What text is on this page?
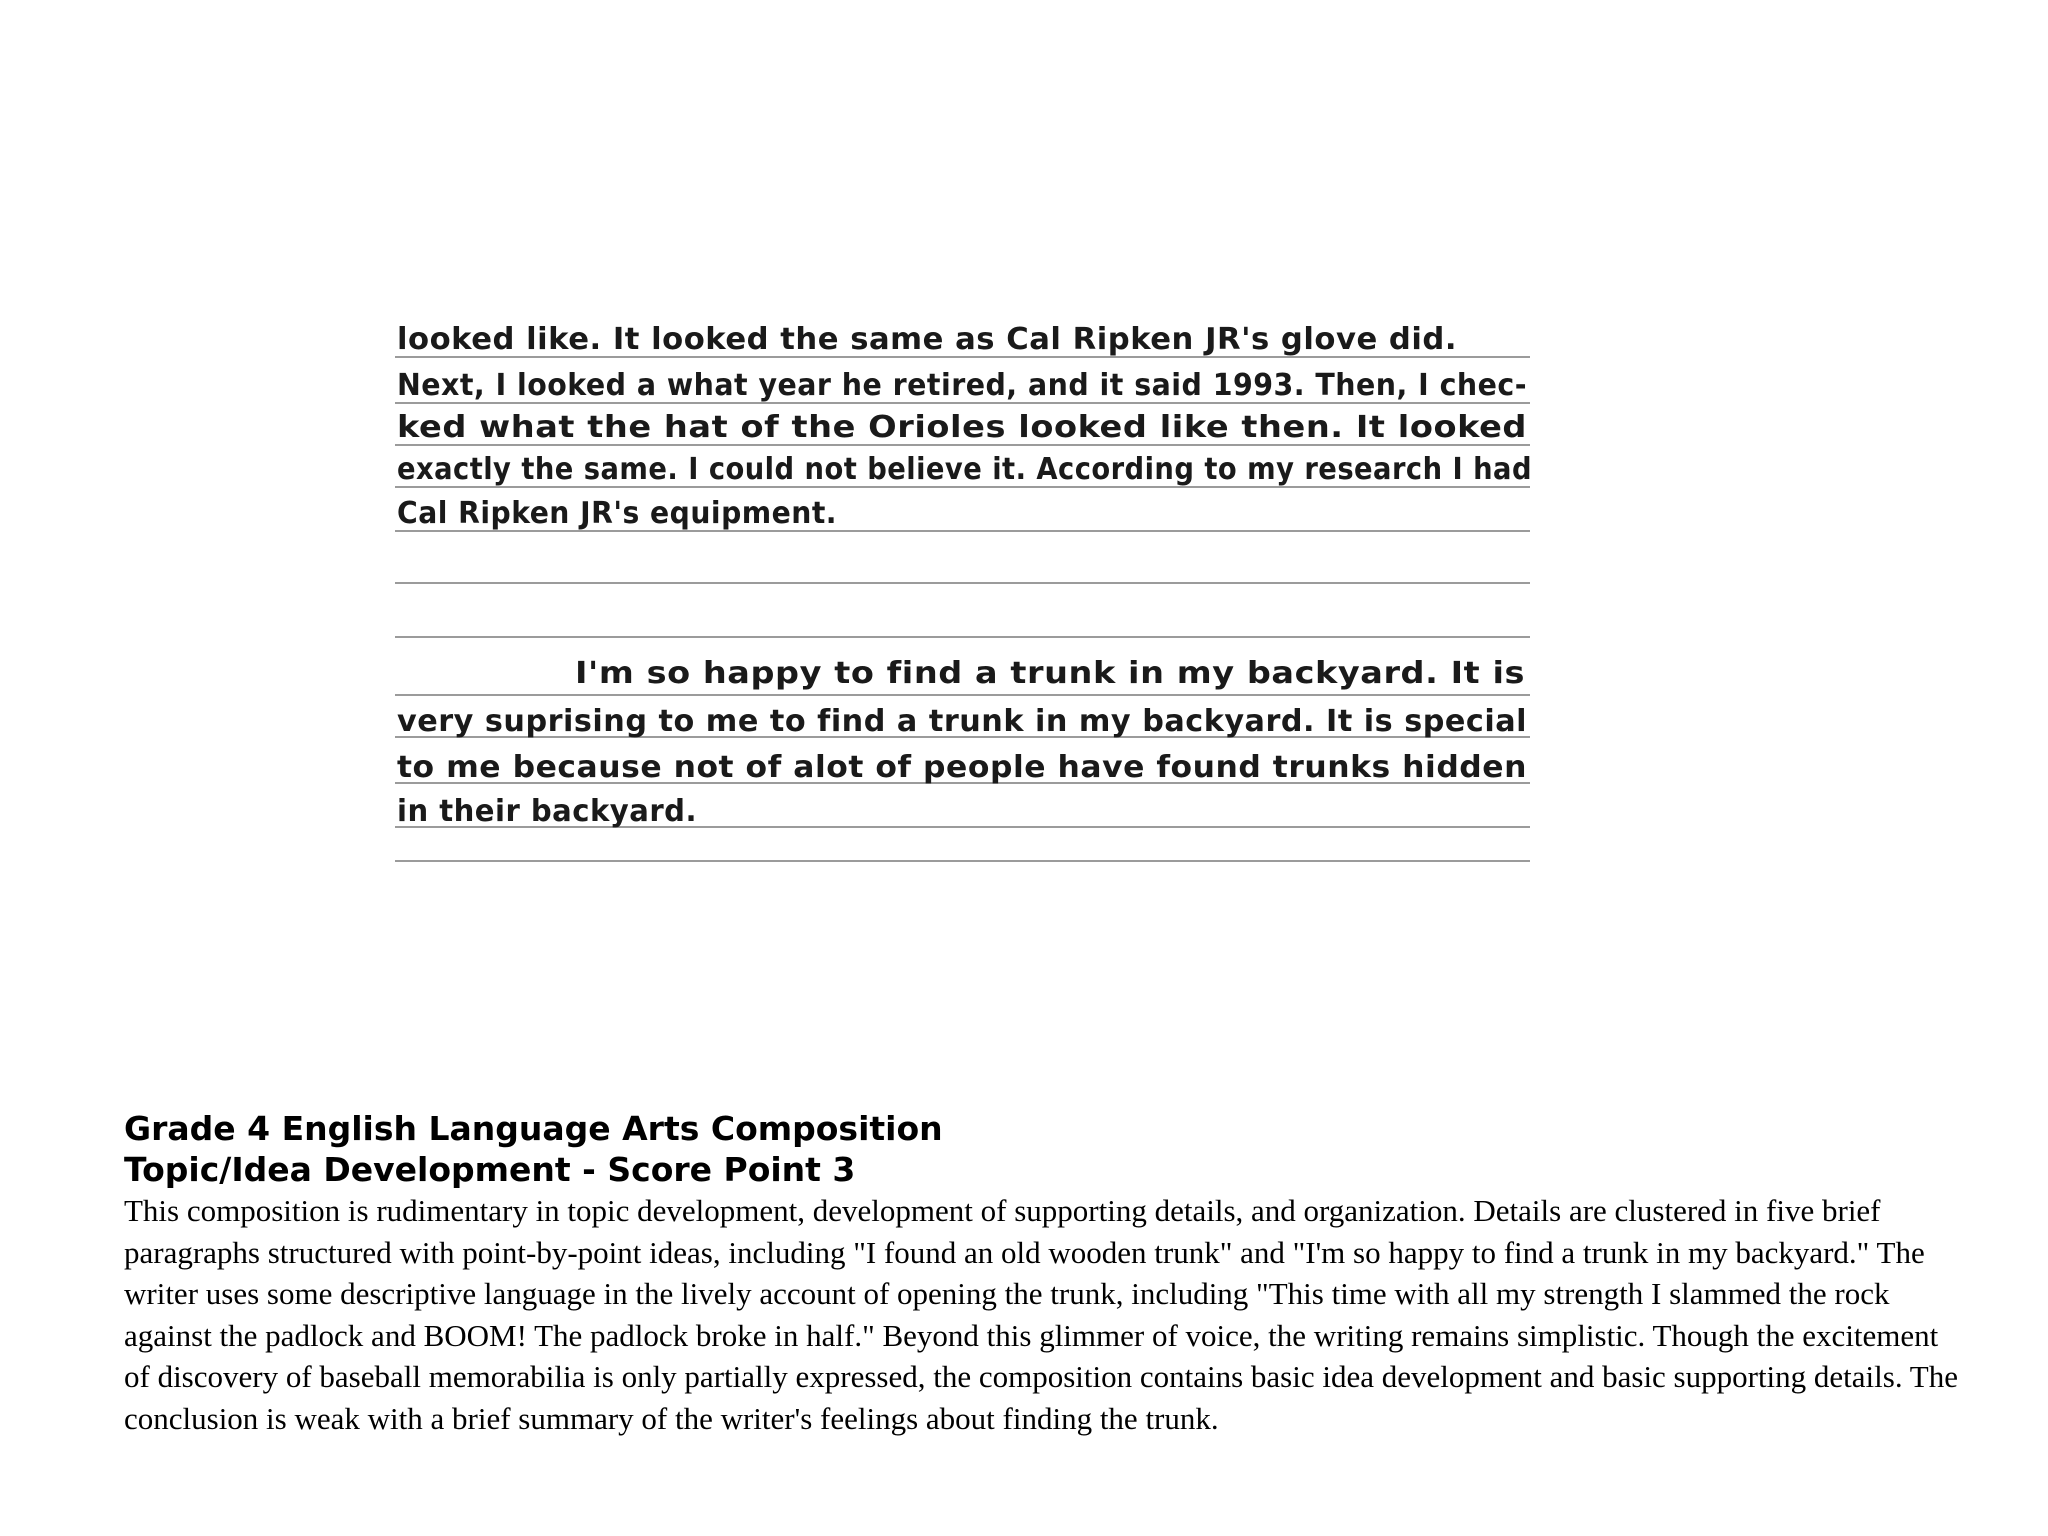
looked like. It looked the same as Cal Ripken JR's glove did.
Next, I looked a what year he retired, and it said 1993. Then, I chec-
ked what the hat of the Orioles looked like then. It looked
exactly the same. I could not believe it. According to my research I had
Cal Ripken JR's equipment.
I'm so happy to find a trunk in my backyard. It is
very suprising to me to find a trunk in my backyard. It is special
to me because not of alot of people have found trunks hidden
in their backyard.
Grade 4 English Language Arts Composition
Topic/Idea Development - Score Point 3

This composition is rudimentary in topic development, development of supporting details, and organization. Details are clustered in five brief paragraphs structured with point-by-point ideas, including "I found an old wooden trunk" and "I'm so happy to find a trunk in my backyard." The writer uses some descriptive language in the lively account of opening the trunk, including "This time with all my strength I slammed the rock against the padlock and BOOM! The padlock broke in half." Beyond this glimmer of voice, the writing remains simplistic. Though the excitement of discovery of baseball memorabilia is only partially expressed, the composition contains basic idea development and basic supporting details. The conclusion is weak with a brief summary of the writer's feelings about finding the trunk.
